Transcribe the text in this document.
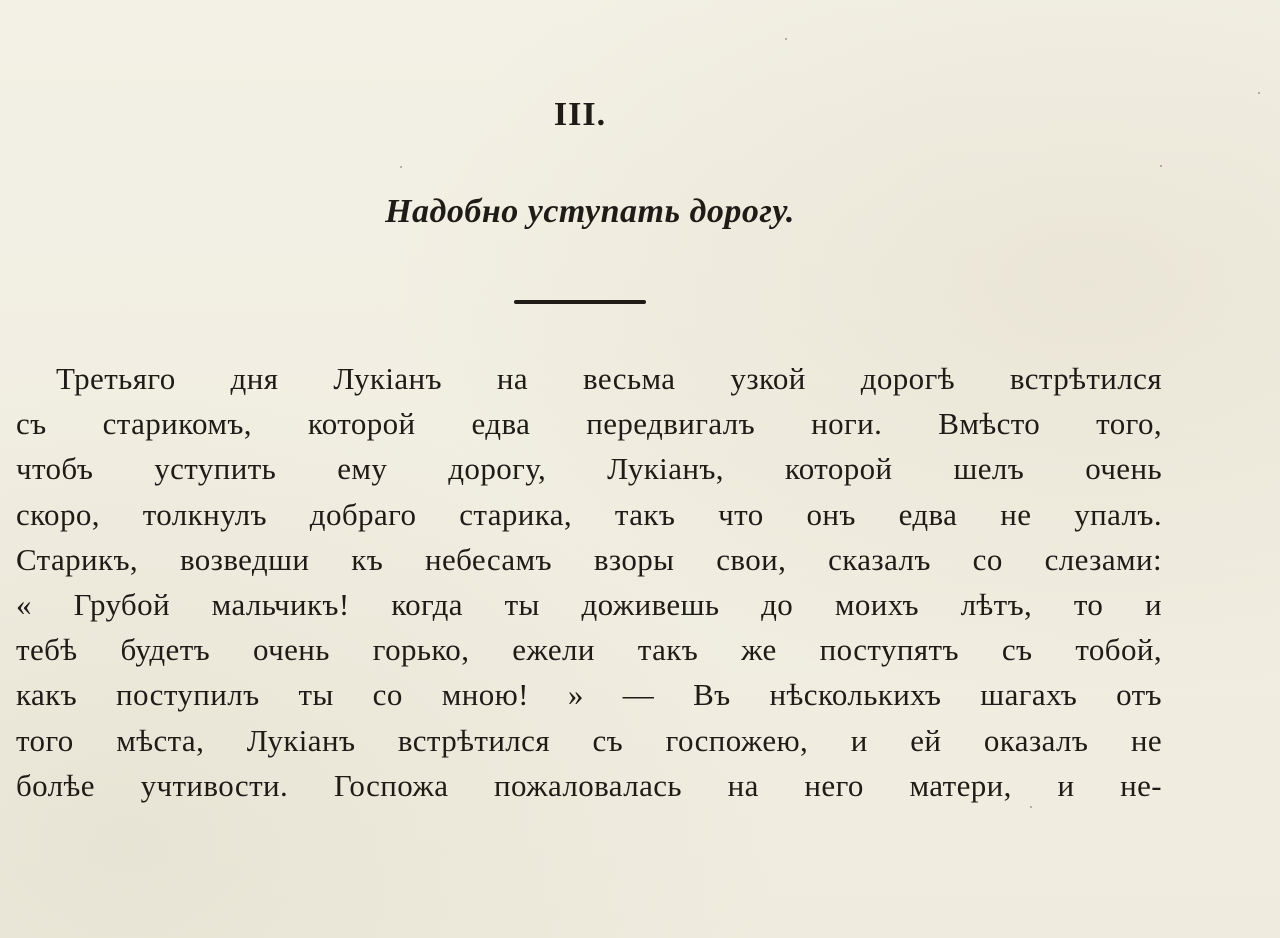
III.
Надобно уступать дорогу.
Третьяго дня Лукіанъ на весьма узкой дорогѣ встрѣтился
съ старикомъ, которой едва передвигалъ ноги. Вмѣсто того,
чтобъ уступить ему дорогу, Лукіанъ, которой шелъ очень
скоро, толкнулъ добраго старика, такъ что онъ едва не упалъ.
Старикъ, возведши къ небесамъ взоры свои, сказалъ со слезами:
« Грубой мальчикъ! когда ты доживешь до моихъ лѣтъ, то и
тебѣ будетъ очень горько, ежели такъ же поступятъ съ тобой,
какъ поступилъ ты со мною! » — Въ нѣсколькихъ шагахъ отъ
того мѣста, Лукіанъ встрѣтился съ госпожею, и ей оказалъ не
болѣе учтивости. Госпожа пожаловалась на него матери, и не-
